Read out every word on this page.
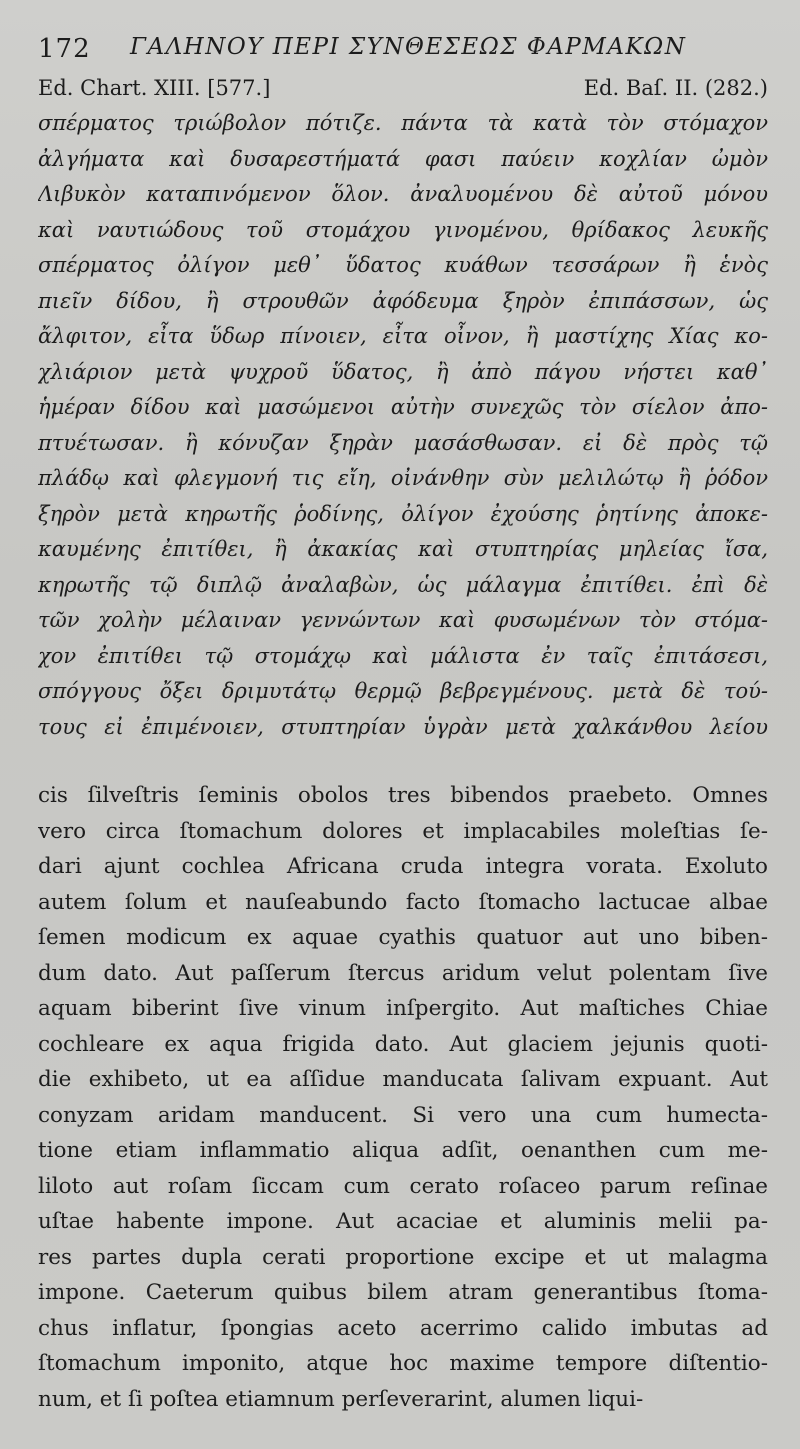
172 ΓΑΛΗΝΟΥ ΠΕΡΙ ΣΥΝΘΕΣΕΩΣ ΦΑΡΜΑΚΩΝ
Ed. Chart. XIII. [577.]	Ed. Baſ. II. (282.)
σπέρματος τριώβολον πότιζε. πάντα τὰ κατὰ τὸν στόμαχον
ἀλγήματα καὶ δυσαρεστήματά φασι παύειν κοχλίαν ὠμὸν
Λιβυκὸν καταπινόμενον ὅλον. ἀναλυομένου δὲ αὐτοῦ μόνου
καὶ ναυτιώδους τοῦ στομάχου γινομένου, θρίδακος λευκῆς
σπέρματος ὀλίγον μεθ᾽ ὕδατος κυάθων τεσσάρων ἢ ἑνὸς
πιεῖν δίδου, ἢ στρουθῶν ἀφόδευμα ξηρὸν ἐπιπάσσων, ὡς
ἄλφιτον, εἶτα ὕδωρ πίνοιεν, εἶτα οἶνον, ἢ μαστίχης Χίας κο-
χλιάριον μετὰ ψυχροῦ ὕδατος, ἢ ἀπὸ πάγου νήστει καθ᾽
ἡμέραν δίδου καὶ μασώμενοι αὐτὴν συνεχῶς τὸν σίελον ἀπο-
πτυέτωσαν. ἢ κόνυζαν ξηρὰν μασάσθωσαν. εἰ δὲ πρὸς τῷ
πλάδῳ καὶ φλεγμονή τις εἴη, οἰνάνθην σὺν μελιλώτῳ ἢ ῥόδον
ξηρὸν μετὰ κηρωτῆς ῥοδίνης, ὀλίγον ἐχούσης ῥητίνης ἀποκε-
καυμένης ἐπιτίθει, ἢ ἀκακίας καὶ στυπτηρίας μηλείας ἴσα,
κηρωτῆς τῷ διπλῷ ἀναλαβὼν, ὡς μάλαγμα ἐπιτίθει. ἐπὶ δὲ
τῶν χολὴν μέλαιναν γεννώντων καὶ φυσωμένων τὸν στόμα-
χον ἐπιτίθει τῷ στομάχῳ καὶ μάλιστα ἐν ταῖς ἐπιτάσεσι,
σπόγγους ὄξει δριμυτάτῳ θερμῷ βεβρεγμένους. μετὰ δὲ τού-
τους εἰ ἐπιμένοιεν, στυπτηρίαν ὑγρὰν μετὰ χαλκάνθου λείου
cis ſilveſtris ſeminis obolos tres bibendos praebeto. Omnes
vero circa ſtomachum dolores et implacabiles moleſtias ſe-
dari ajunt cochlea Africana cruda integra vorata. Exoluto
autem ſolum et nauſeabundo facto ſtomacho lactucae albae
ſemen modicum ex aquae cyathis quatuor aut uno biben-
dum dato. Aut paſſerum ſtercus aridum velut polentam ſive
aquam biberint ſive vinum inſpergito. Aut maſtiches Chiae
cochleare ex aqua frigida dato. Aut glaciem jejunis quoti-
die exhibeto, ut ea aſſidue manducata ſalivam expuant. Aut
conyzam aridam manducent. Si vero una cum humecta-
tione etiam inflammatio aliqua adſit, oenanthen cum me-
liloto aut roſam ſiccam cum cerato roſaceo parum reſinae
uſtae habente impone. Aut acaciae et aluminis melii pa-
res partes dupla cerati proportione excipe et ut malagma
impone. Caeterum quibus bilem atram generantibus ſtoma-
chus inflatur, ſpongias aceto acerrimo calido imbutas ad
ſtomachum imponito, atque hoc maxime tempore diſtentio-
num, et ſi poſtea etiamnum perſeverarint, alumen liqui-
